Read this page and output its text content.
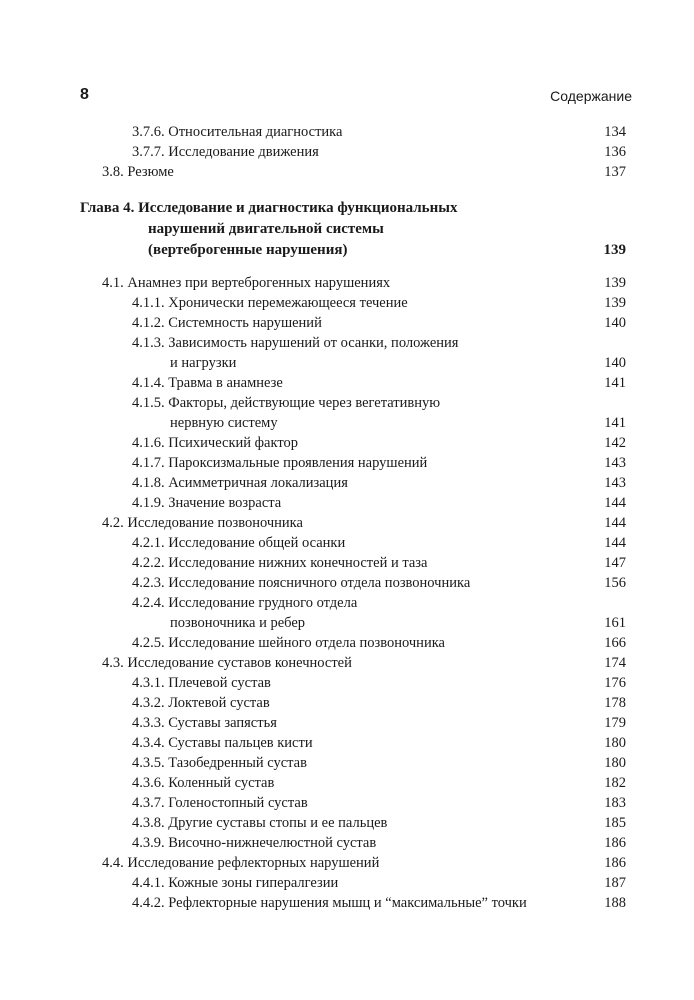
8	Содержание
3.7.6. Относительная диагностика	134
3.7.7. Исследование движения	136
3.8. Резюме	137
Глава 4. Исследование и диагностика функциональных
нарушений двигательной системы
(вертеброгенные нарушения)	139
4.1. Анамнез при вертеброгенных нарушениях	139
4.1.1. Хронически перемежающееся течение	139
4.1.2. Системность нарушений	140
4.1.3. Зависимость нарушений от осанки, положения
и нагрузки	140
4.1.4. Травма в анамнезе	141
4.1.5. Факторы, действующие через вегетативную
нервную систему	141
4.1.6. Психический фактор	142
4.1.7. Пароксизмальные проявления нарушений	143
4.1.8. Асимметричная локализация	143
4.1.9. Значение возраста	144
4.2. Исследование позвоночника	144
4.2.1. Исследование общей осанки	144
4.2.2. Исследование нижних конечностей и таза	147
4.2.3. Исследование поясничного отдела позвоночника	156
4.2.4. Исследование грудного отдела
позвоночника и ребер	161
4.2.5. Исследование шейного отдела позвоночника	166
4.3. Исследование суставов конечностей	174
4.3.1. Плечевой сустав	176
4.3.2. Локтевой сустав	178
4.3.3. Суставы запястья	179
4.3.4. Суставы пальцев кисти	180
4.3.5. Тазобедренный сустав	180
4.3.6. Коленный сустав	182
4.3.7. Голеностопный сустав	183
4.3.8. Другие суставы стопы и ее пальцев	185
4.3.9. Височно-нижнечелюстной сустав	186
4.4. Исследование рефлекторных нарушений	186
4.4.1. Кожные зоны гипералгезии	187
4.4.2. Рефлекторные нарушения мышц и “максимальные” точки	188
